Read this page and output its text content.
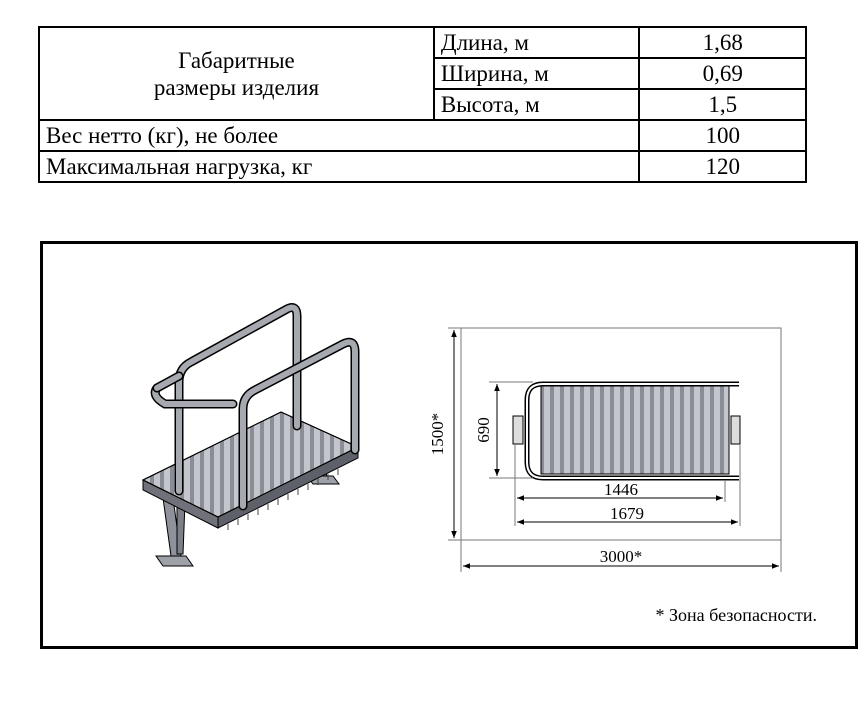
Габаритные
размеры изделия	Длина, м	1,68
	Ширина, м	0,69
	Высота, м	1,5
Вес нетто (кг), не более		100
Максимальная нагрузка, кг		120
1500* 690
1446
1679
3000*
* Зона безопасности.
